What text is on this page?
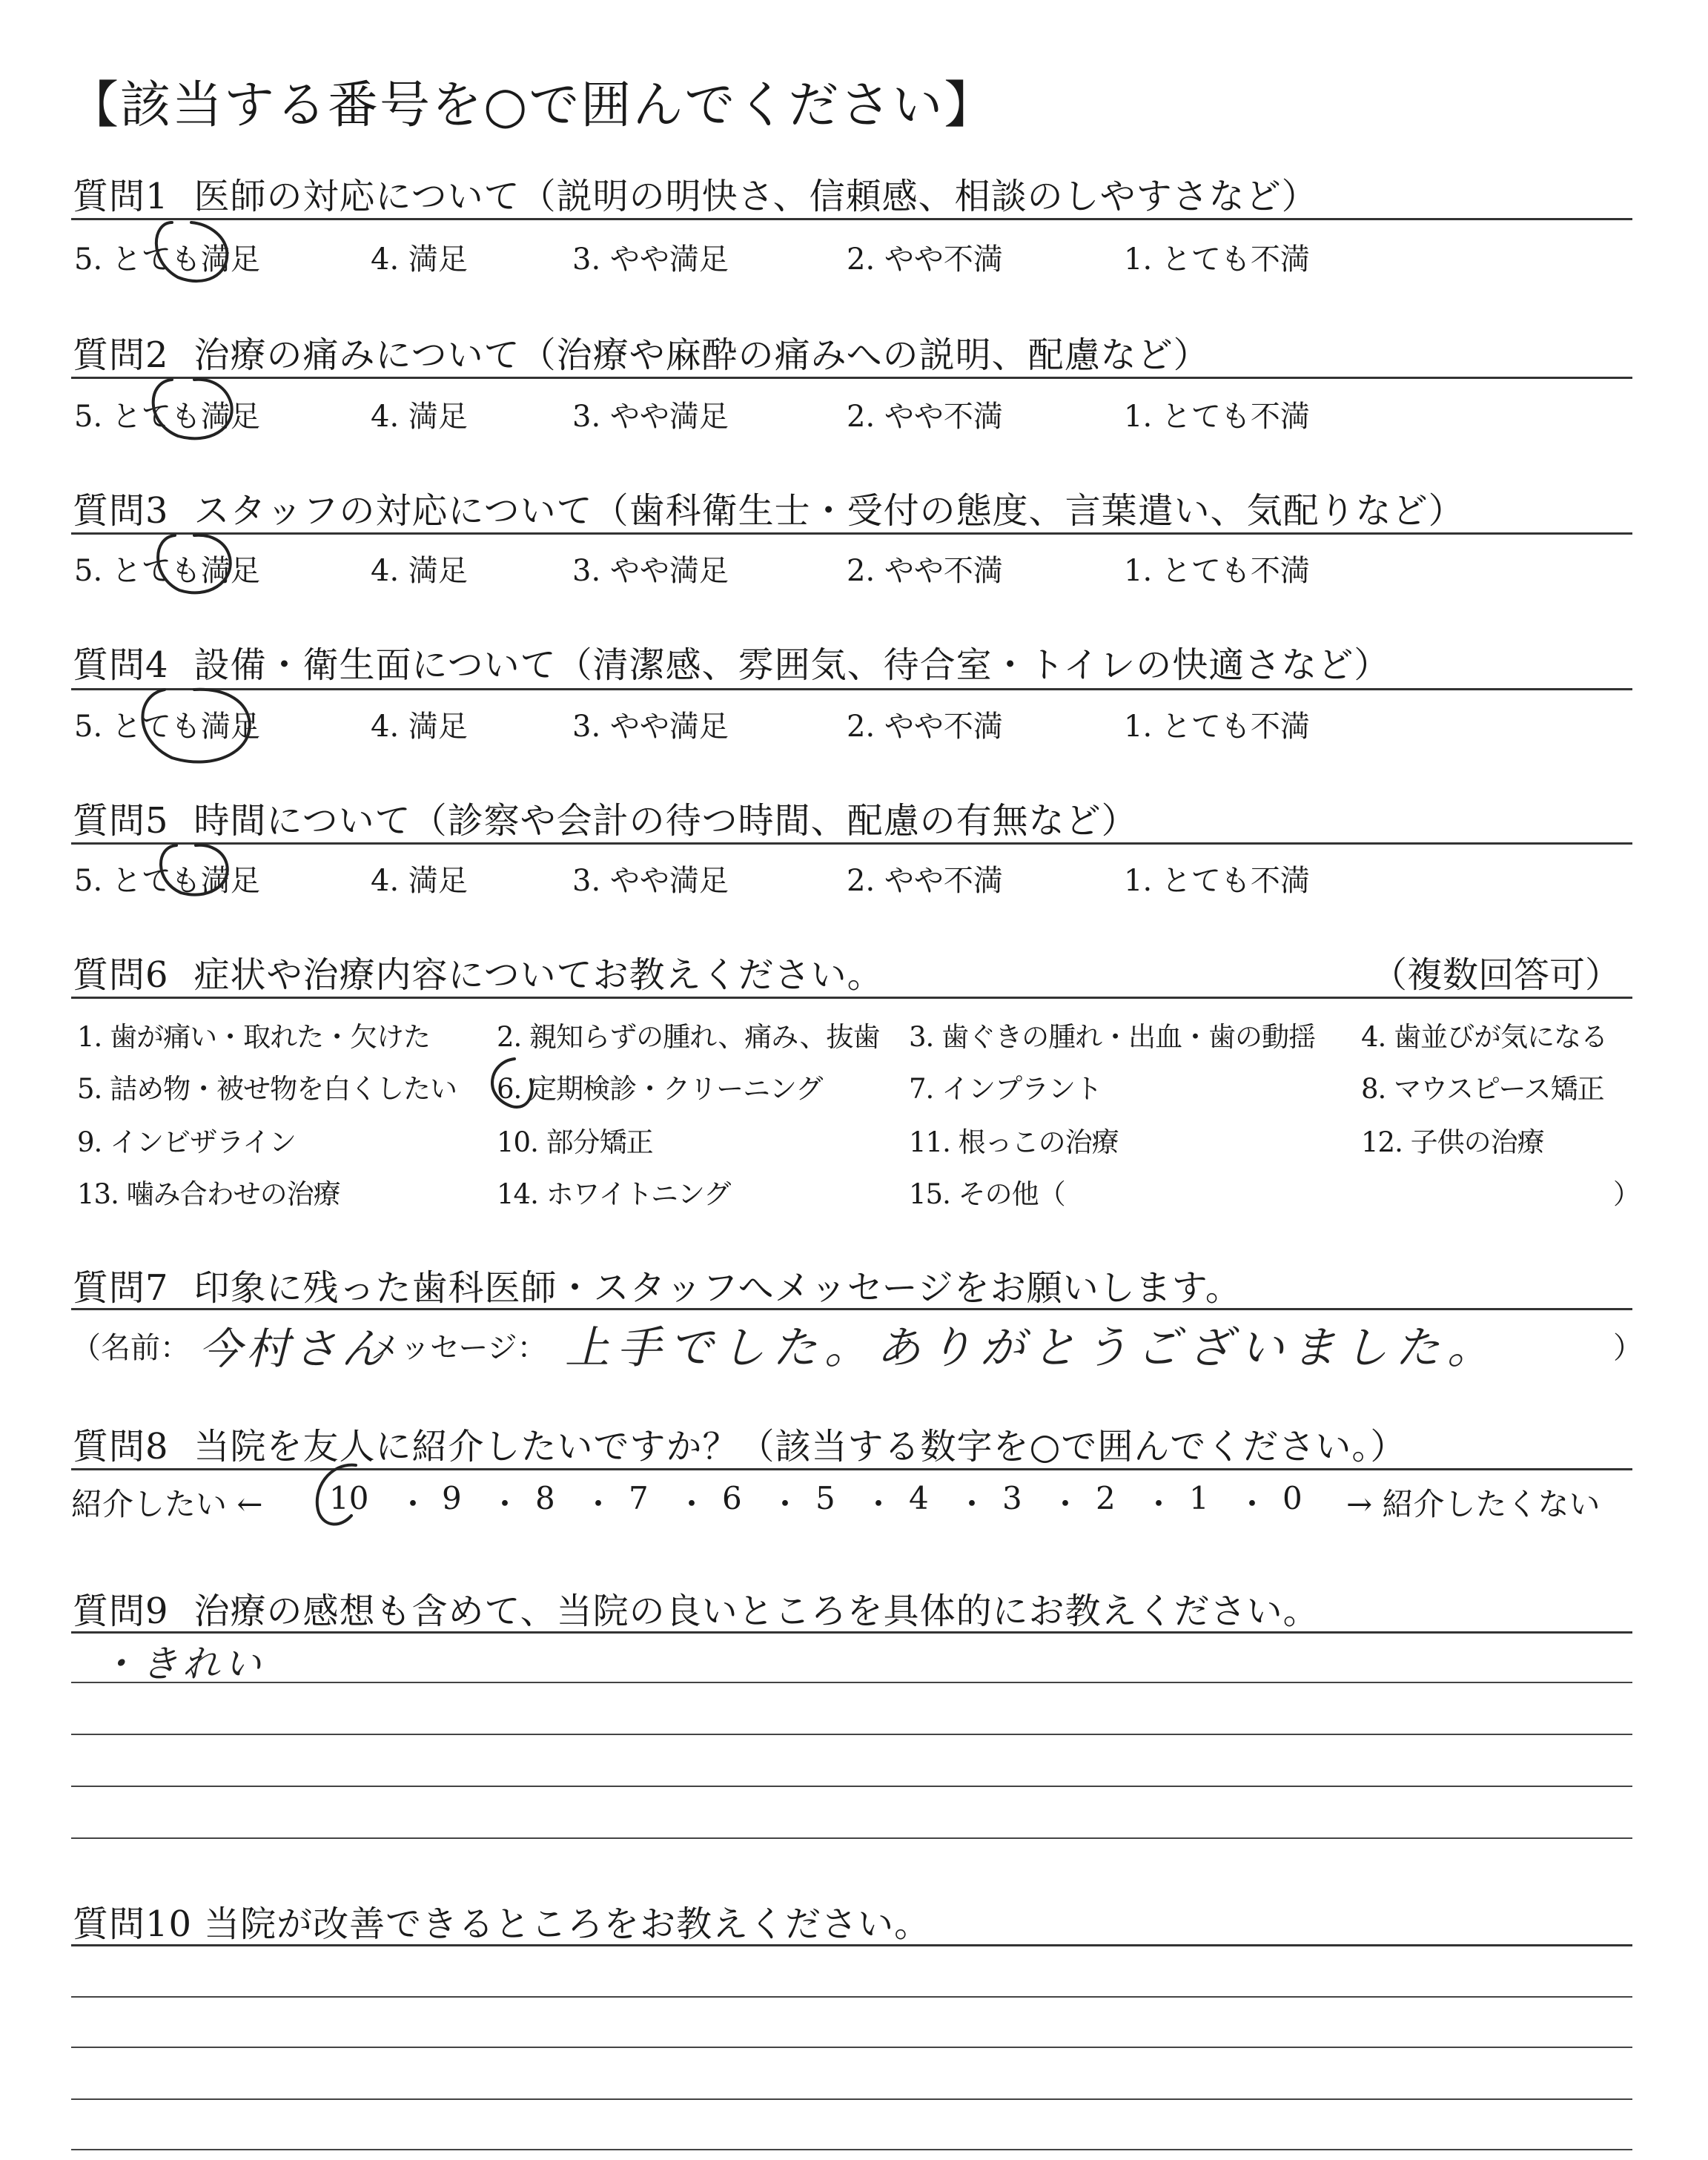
【該当する番号を○で囲んでください】
質問1 医師の対応について（説明の明快さ、信頼感、相談のしやすさなど）
5. とても満足	4. 満足	3. やや満足	2. やや不満	1. とても不満
質問2 治療の痛みについて（治療や麻酔の痛みへの説明、配慮など）
5. とても満足	4. 満足	3. やや満足	2. やや不満	1. とても不満
質問3 スタッフの対応について（歯科衛生士・受付の態度、言葉遣い、気配りなど）
5. とても満足	4. 満足	3. やや満足	2. やや不満	1. とても不満
質問4 設備・衛生面について（清潔感、雰囲気、待合室・トイレの快適さなど）
5. とても満足	4. 満足	3. やや満足	2. やや不満	1. とても不満
質問5 時間について（診察や会計の待つ時間、配慮の有無など）
5. とても満足	4. 満足	3. やや満足	2. やや不満	1. とても不満
質問6 症状や治療内容についてお教えください。	（複数回答可）
1. 歯が痛い・取れた・欠けた 2. 親知らずの腫れ、痛み、抜歯 3. 歯ぐきの腫れ・出血・歯の動揺 4. 歯並びが気になる
5. 詰め物・被せ物を白くしたい 6. 定期検診・クリーニング	7. インプラント	8. マウスピース矯正
9. インビザライン	10. 部分矯正	11. 根っこの治療	12. 子供の治療
13. 噛み合わせの治療	14. ホワイトニング	15. その他（	）
質問7 印象に残った歯科医師・スタッフへメッセージをお願いします。
（名前： 今村さん
メッセージ： 上手でした。ありがとうございました。	）
質問8 当院を友人に紹介したいですか？（該当する数字を○で囲んでください。）
紹介したい ← 10 ・ 9 ・ 8 ・ 7 ・ 6 ・ 5 ・ 4 ・ 3 ・ 2 ・ 1 ・ 0 → 紹介したくない
質問9 治療の感想も含めて、当院の良いところを具体的にお教えください。
・きれい
質問10 当院が改善できるところをお教えください。
